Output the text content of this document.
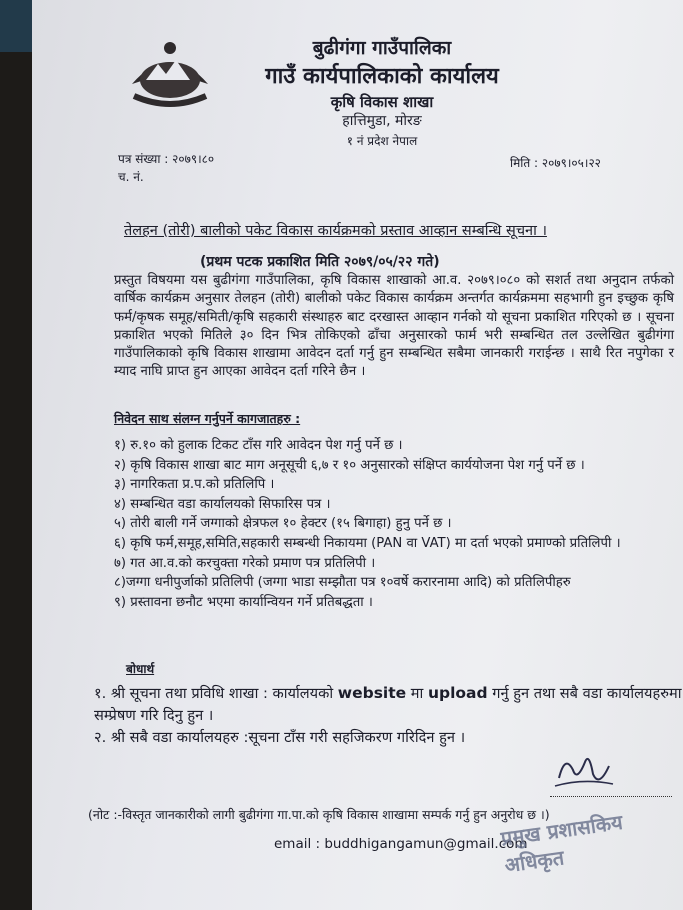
बुढीगंगा गाउँपालिका
गाउँ कार्यपालिकाको कार्यालय
कृषि विकास शाखा
हात्तिमुडा, मोरङ
१ नं प्रदेश नेपाल
पत्र संख्या : २०७९।८०
च. नं.
मिति : २०७९।०५।२२
तेलहन (तोरी) बालीको पकेट विकास कार्यक्रमको प्रस्ताव आव्हान सम्बन्धि सूचना ।
(प्रथम पटक प्रकाशित मिति २०७९/०५/२२ गते)
प्रस्तुत विषयमा यस बुढीगंगा गाउँपालिका, कृषि विकास शाखाको आ.व. २०७९।०८० को सशर्त तथा अनुदान तर्फको वार्षिक कार्यक्रम अनुसार तेलहन (तोरी) बालीको पकेट विकास कार्यक्रम अन्तर्गत कार्यक्रममा सहभागी हुन इच्छुक कृषि फर्म/कृषक समूह/समिती/कृषि सहकारी संस्थाहरु बाट दरखास्त आव्हान गर्नको यो सूचना प्रकाशित गरिएको छ । सूचना प्रकाशित भएको मितिले ३० दिन भित्र तोकिएको ढाँचा अनुसारको फार्म भरी सम्बन्धित तल उल्लेखित बुढीगंगा गाउँपालिकाको कृषि विकास शाखामा आवेदन दर्ता गर्नु हुन सम्बन्धित सबैमा जानकारी गराईन्छ । साथै रित नपुगेका र म्याद नाघि प्राप्त हुन आएका आवेदन दर्ता गरिने छैन ।
निवेदन साथ संलग्न गर्नुपर्ने कागजातहरु :
१) रु.१० को हुलाक टिकट टाँस गरि आवेदन पेश गर्नु पर्ने छ ।
२) कृषि विकास शाखा बाट माग अनूसूची ६,७ र १० अनुसारको संक्षिप्त कार्ययोजना पेश गर्नु पर्ने छ ।
३) नागरिकता प्र.प.को प्रतिलिपि ।
४) सम्बन्धित वडा कार्यालयको सिफारिस पत्र ।
५) तोरी बाली गर्ने जग्गाको क्षेत्रफल १० हेक्टर (१५ बिगाहा) हुनु पर्ने छ ।
६) कृषि फर्म,समूह,समिति,सहकारी सम्बन्धी निकायमा (PAN वा VAT) मा दर्ता भएको प्रमाण्को प्रतिलिपी ।
७) गत आ.व.को करचुक्ता गरेको प्रमाण पत्र प्रतिलिपी ।
८)जग्गा धनीपुर्जाको प्रतिलिपी (जग्गा भाडा सम्झौता पत्र १०वर्षे करारनामा आदि) को प्रतिलिपीहरु
९) प्रस्तावना छनौट भएमा कार्यान्वियन गर्ने प्रतिबद्धता ।
बोधार्थ

१. श्री सूचना तथा प्रविधि शाखा : कार्यालयको website मा upload गर्नु हुन तथा सबै वडा कार्यालयहरुमा सम्प्रेषण गरि दिनु हुन ।

२. श्री सबै वडा कार्यालयहरु :सूचना टाँस गरी सहजिकरण गरिदिन हुन ।

(नोट :-विस्तृत जानकारीको लागी बुढीगंगा गा.पा.को कृषि विकास शाखामा सम्पर्क गर्नु हुन अनुरोध छ ।)
email : buddhigangamun@gmail.com
प्रमुख प्रशासकिय अधिकृत
